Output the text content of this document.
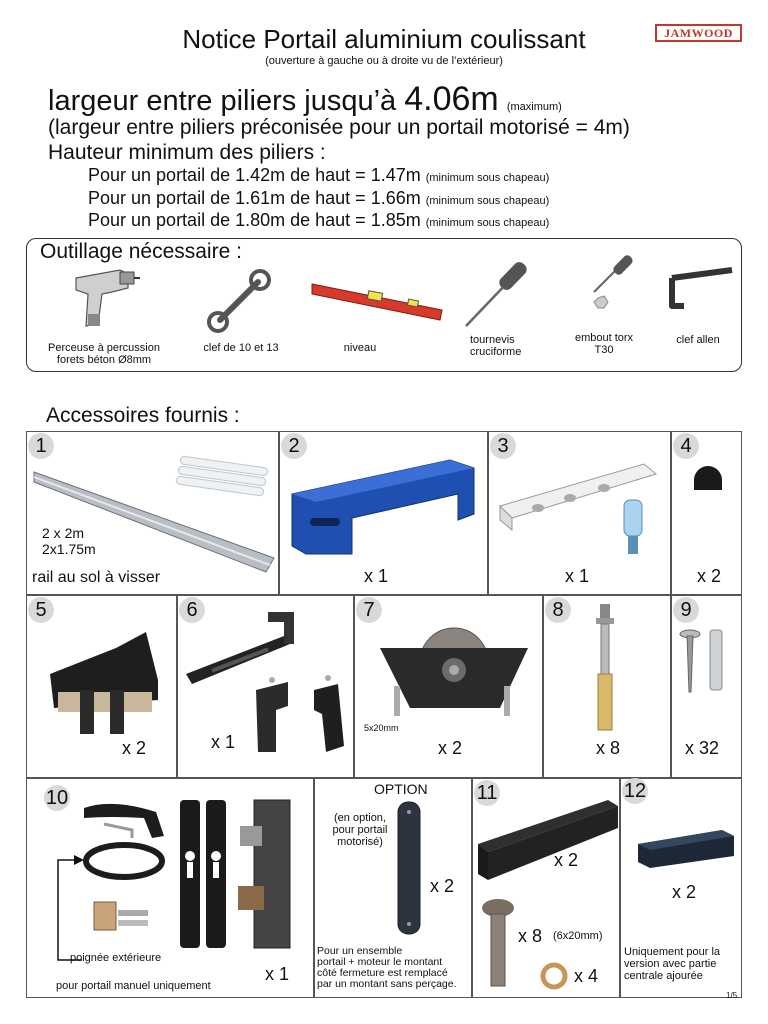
JAMWOOD
Notice Portail aluminium coulissant
(ouverture à gauche ou à droite vu de l’extérieur)
largeur entre piliers jusqu’à 4.06m (maximum)
(largeur entre piliers préconisée pour un portail motorisé = 4m)
Hauteur minimum des piliers :
Pour un portail de 1.42m de haut = 1.47m (minimum sous chapeau)
Pour un portail de 1.61m de haut = 1.66m (minimum sous chapeau)
Pour un portail de 1.80m de haut = 1.85m (minimum sous chapeau)
Outillage nécessaire :
Perceuse à percussion
forets béton Ø8mm
clef de 10 et 13	niveau
tournevis
cruciforme
embout torx
T30
clef allen
Accessoires fournis :
1
2 x 2m
2x1.75m
rail au sol à visser
2
x 1
3
x 1
4
x 2
5
x 2
6
x 1
7
5x20mm
x 2
8
x 8
9
x 32
10
poignée extérieure
pour portail manuel uniquement
x 1
OPTION
(en option,
pour portail
motorisé)
x 2
Pour un ensemble
portail + moteur le montant
côté fermeture est remplacé
par un montant sans perçage.
11
x 2
x 8 (6x20mm)
x 4
12
x 2
Uniquement pour la
version avec partie
centrale ajourée
1/5
